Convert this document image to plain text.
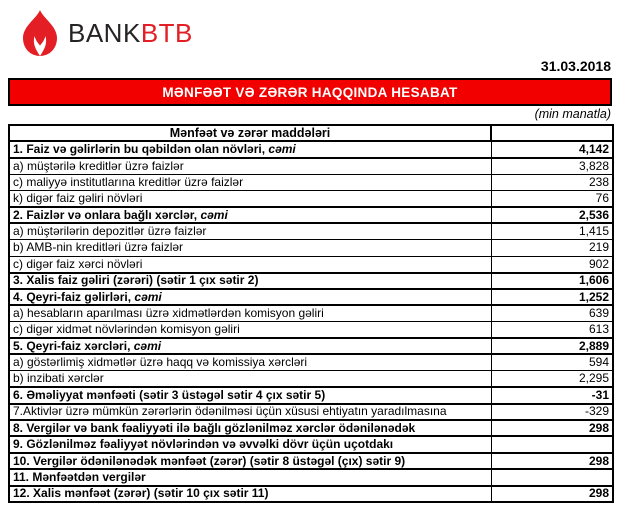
BANKBTB
31.03.2018
MƏNFƏƏT VƏ ZƏRƏR HAQQINDA HESABAT
(min manatla)
Mənfəət və zərər maddələri	
1. Faiz və gəlirlərin bu qəbildən olan növləri, cəmi	4,142
a) müştərilə kreditlər üzrə faizlər	3,828
c) maliyyə institutlarına kreditlər üzrə faizlər	238
k) digər faiz gəliri növləri	76
2. Faizlər və onlara bağlı xərclər, cəmi	2,536
a) müştərilərin depozitlər üzrə faizlər	1,415
b) AMB-nin kreditləri üzrə faizlər	219
c) digər faiz xərci növləri	902
3. Xalis faiz gəliri (zərəri) (sətir 1 çıx sətir 2)	1,606
4. Qeyri-faiz gəlirləri, cəmi	1,252
a) hesabların aparılması üzrə xidmətlərdən komisyon gəliri	639
c) digər xidmət növlərindən komisyon gəliri	613
5. Qeyri-faiz xərcləri, cəmi	2,889
a) göstərlimiş xidmətlər üzrə haqq və komissiya xərcləri	594
b) inzibati xərclər	2,295
6. Əməliyyat mənfəəti (sətir 3 üstəgəl sətir 4 çıx sətir 5)	-31
7.Aktivlər üzrə mümkün zərərlərin ödənilməsi üçün xüsusi ehtiyatın yaradılmasına	-329
8. Vergilər və bank fəaliyyəti ilə bağlı gözlənilməz xərclər ödənilənədək	298
9. Gözlənilməz fəaliyyət növlərindən və əvvəlki dövr üçün uçotdakı	
10. Vergilər ödənilənədək mənfəət (zərər) (sətir 8 üstəgəl (çıx) sətir 9)	298
11. Mənfəətdən vergilər	
12. Xalis mənfəət (zərər) (sətir 10 çıx sətir 11)	298
